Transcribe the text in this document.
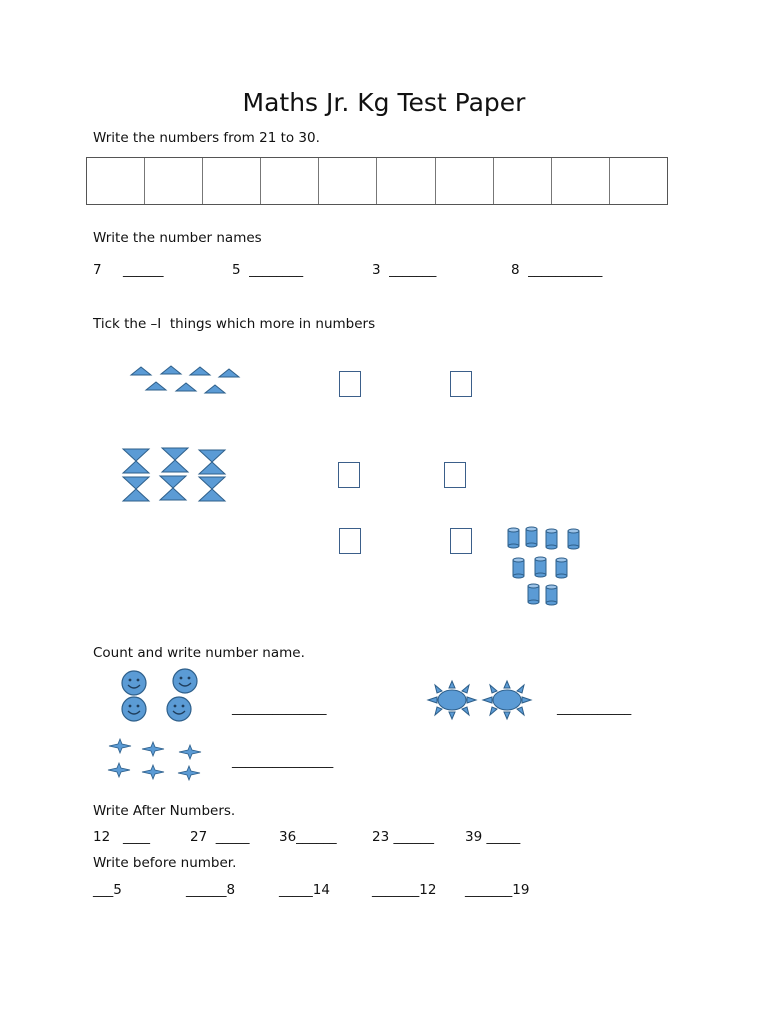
Maths Jr. Kg Test Paper
Write the numbers from 21 to 30.
Write the number names
7     ______	5  ________	3  _______	8  ___________
Tick the –I  things which more in numbers
Count and write number name.
______________	___________
_______________
Write After Numbers.
12   ____	27  _____ 36______	23 ______ 39 _____
Write before number.
___5	______8	_____14	_______12 _______19
